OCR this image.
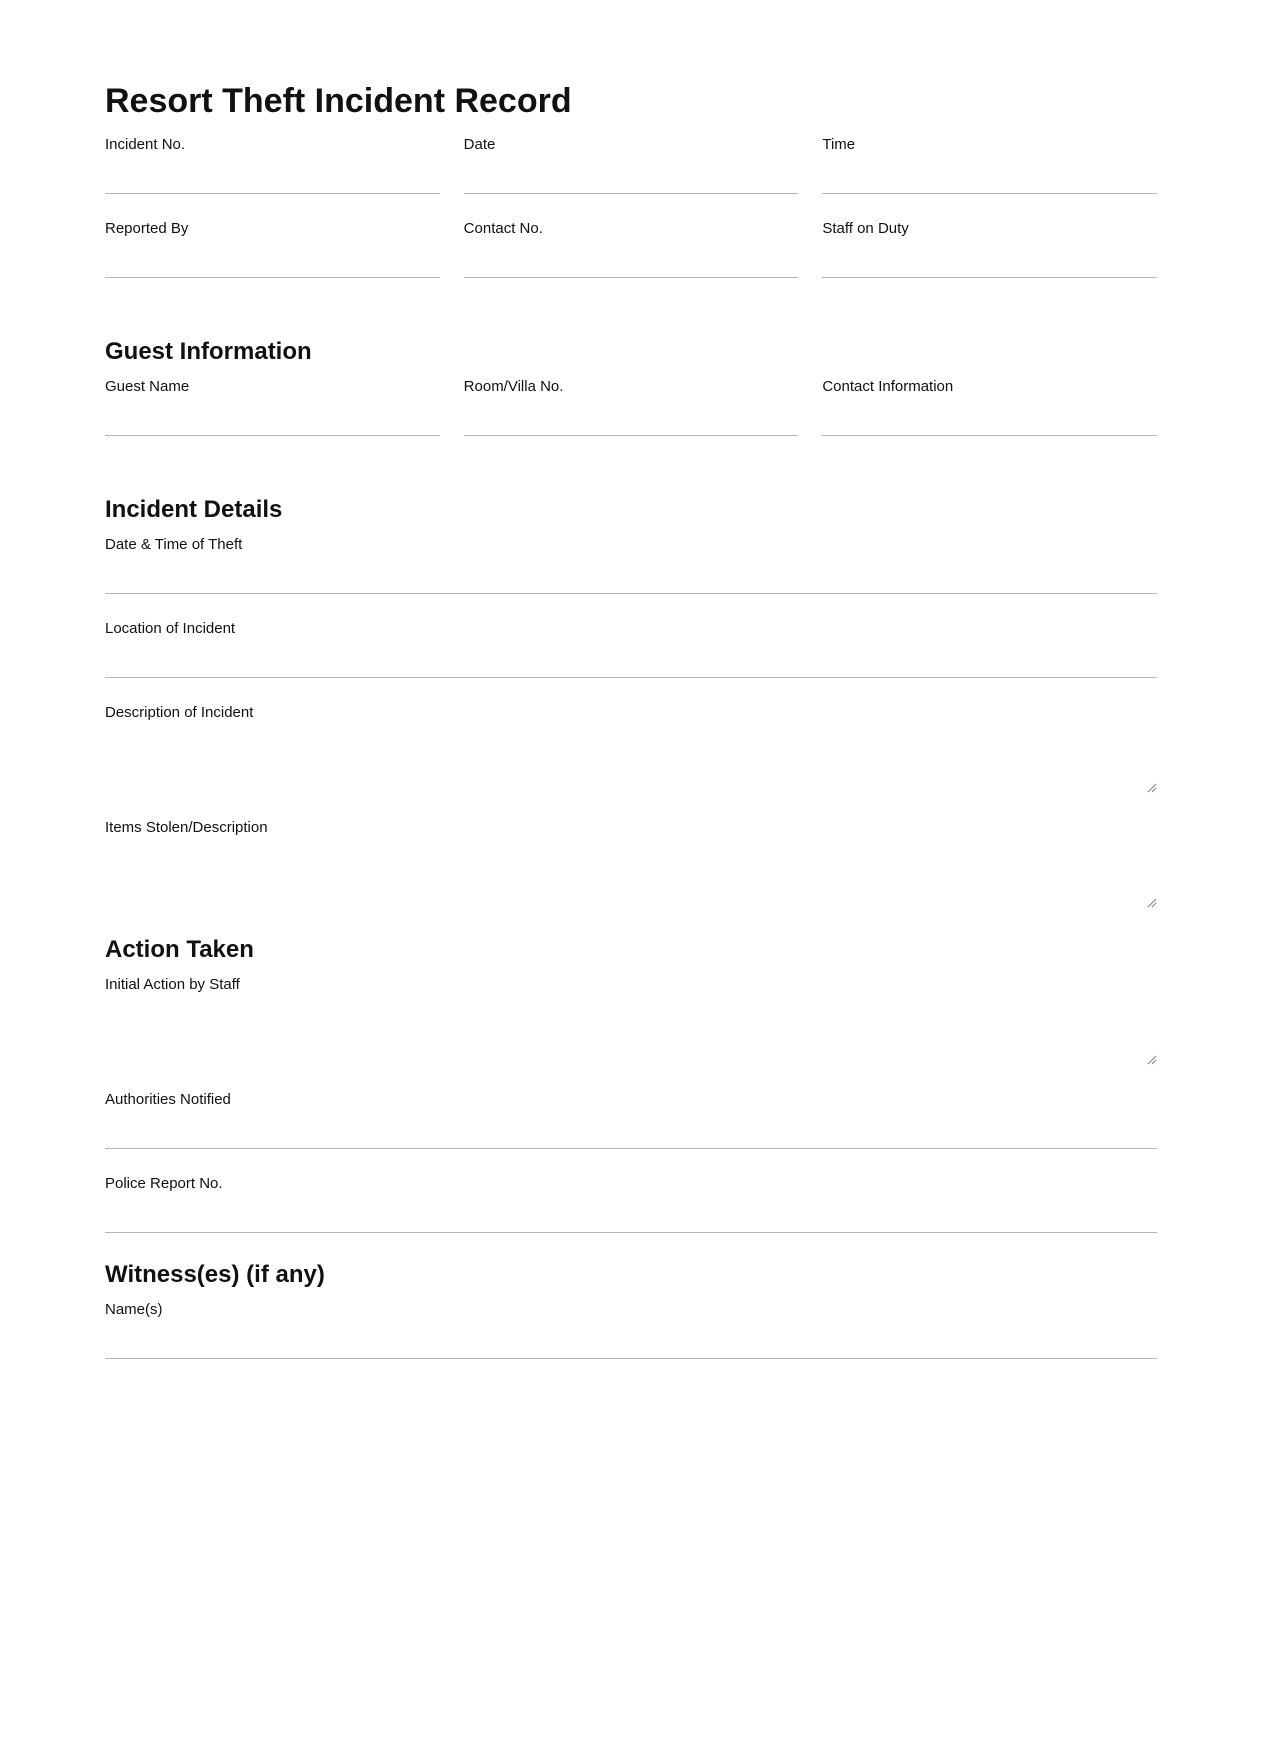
Resort Theft Incident Record
Incident No.	Date	Time
Reported By	Contact No.	Staff on Duty
Guest Information
Guest Name	Room/Villa No.	Contact Information
Incident Details
Date & Time of Theft
Location of Incident
Description of Incident
Items Stolen/Description
Action Taken
Initial Action by Staff
Authorities Notified
Police Report No.
Witness(es) (if any)
Name(s)
